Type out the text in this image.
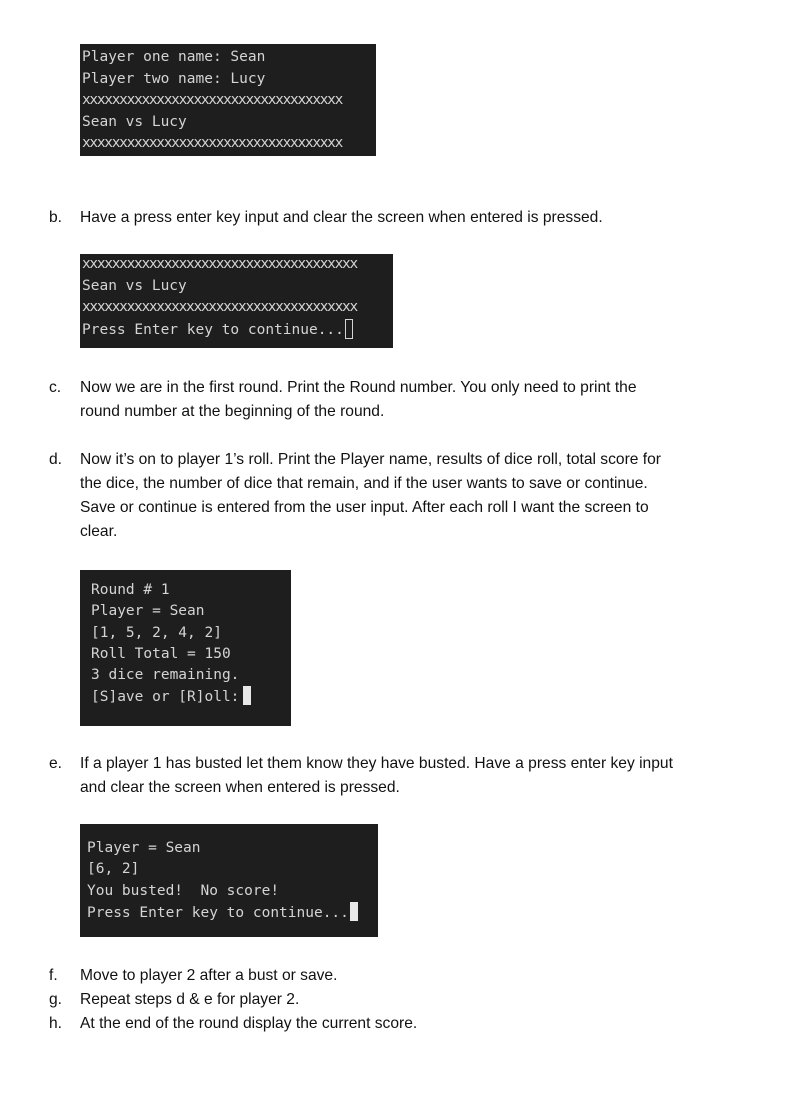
Player one name: Sean
Player two name: Lucy
xxxxxxxxxxxxxxxxxxxxxxxxxxxxxxxxxxx
Sean vs Lucy
xxxxxxxxxxxxxxxxxxxxxxxxxxxxxxxxxxx
b. Have a press enter key input and clear the screen when entered is pressed.
xxxxxxxxxxxxxxxxxxxxxxxxxxxxxxxxxxxxx
Sean vs Lucy
xxxxxxxxxxxxxxxxxxxxxxxxxxxxxxxxxxxxx
Press Enter key to continue...
c. Now we are in the first round. Print the Round number. You only need to print the
round number at the beginning of the round.
d. Now it’s on to player 1’s roll. Print the Player name, results of dice roll, total score for
the dice, the number of dice that remain, and if the user wants to save or continue.
Save or continue is entered from the user input. After each roll I want the screen to
clear.
Round # 1
Player = Sean
[1, 5, 2, 4, 2]
Roll Total = 150
3 dice remaining.
[S]ave or [R]oll:
e. If a player 1 has busted let them know they have busted. Have a press enter key input
and clear the screen when entered is pressed.
Player = Sean
[6, 2]
You busted!  No score!
Press Enter key to continue...
f. Move to player 2 after a bust or save.
g. Repeat steps d & e for player 2.
h. At the end of the round display the current score.
